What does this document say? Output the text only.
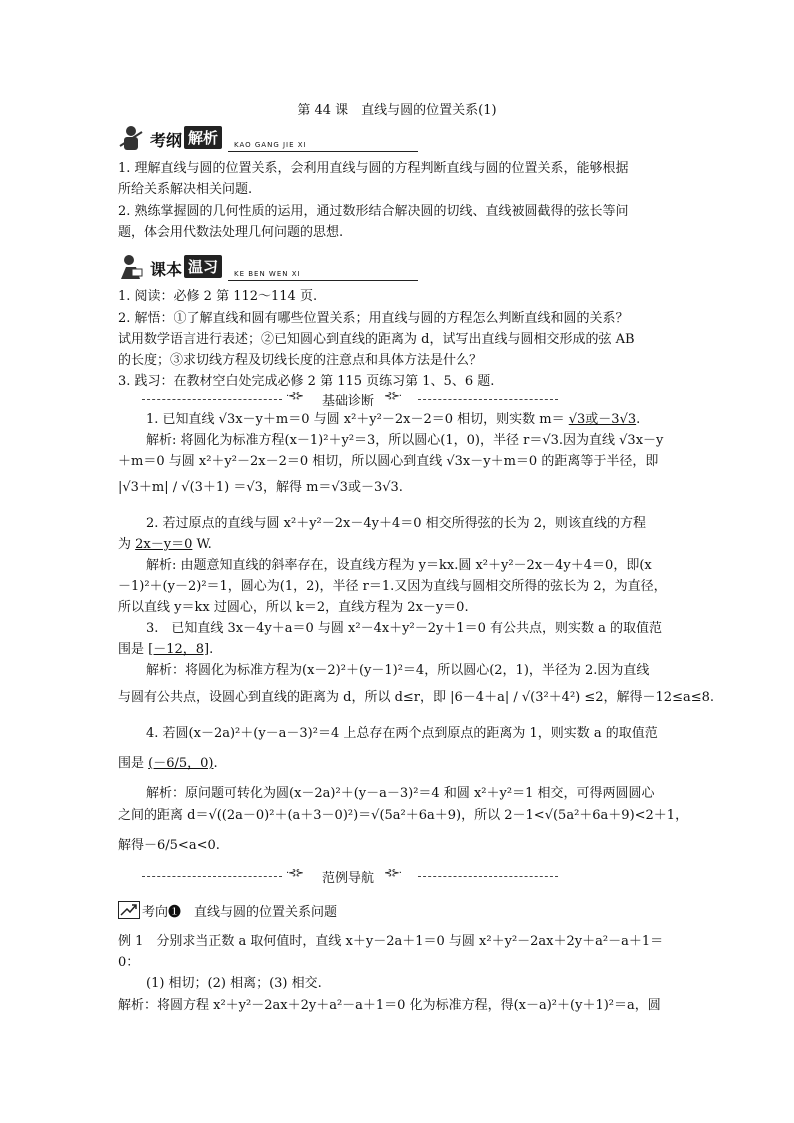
第 44 课　直线与圆的位置关系(1)
考纲 解析	KAO GANG JIE XI
1. 理解直线与圆的位置关系，会利用直线与圆的方程判断直线与圆的位置关系，能够根据
所给关系解决相关问题.
2. 熟练掌握圆的几何性质的运用，通过数形结合解决圆的切线、直线被圆截得的弦长等问
题，体会用代数法处理几何问题的思想.
课本 温习	KE BEN WEN XI
1. 阅读：必修 2 第 112～114 页.
2. 解悟：①了解直线和圆有哪些位置关系；用直线与圆的方程怎么判断直线和圆的关系？
试用数学语言进行表述；②已知圆心到直线的距离为 d，试写出直线与圆相交形成的弦 AB
的长度；③求切线方程及切线长度的注意点和具体方法是什么？
3. 践习：在教材空白处完成必修 2 第 115 页练习第 1、5、6 题.
·⊰⊱ 基础诊断 ⊰⊱·
1. 已知直线 √3x－y＋m＝0 与圆 x²＋y²－2x－2＝0 相切，则实数 m＝ √3或－3√3.
解析: 将圆化为标准方程(x－1)²＋y²＝3，所以圆心(1，0)，半径 r＝√3.因为直线 √3x－y
＋m＝0 与圆 x²＋y²－2x－2＝0 相切，所以圆心到直线 √3x－y＋m＝0 的距离等于半径，即
|√3＋m| / √(3＋1) ＝√3，解得 m＝√3或－3√3.
2. 若过原点的直线与圆 x²＋y²－2x－4y＋4＝0 相交所得弦的长为 2，则该直线的方程
为 2x－y＝0 W.
解析: 由题意知直线的斜率存在，设直线方程为 y＝kx.圆 x²＋y²－2x－4y＋4＝0，即(x
－1)²＋(y－2)²＝1，圆心为(1，2)，半径 r＝1.又因为直线与圆相交所得的弦长为 2，为直径，
所以直线 y＝kx 过圆心，所以 k＝2，直线方程为 2x－y＝0.
3.　已知直线 3x－4y＋a＝0 与圆 x²－4x＋y²－2y＋1＝0 有公共点，则实数 a 的取值范
围是 [－12，8].
解析：将圆化为标准方程为(x－2)²＋(y－1)²＝4，所以圆心(2，1)，半径为 2.因为直线
与圆有公共点，设圆心到直线的距离为 d，所以 d≤r，即 |6－4＋a| / √(3²＋4²) ≤2，解得－12≤a≤8.
4. 若圆(x－2a)²＋(y－a－3)²＝4 上总存在两个点到原点的距离为 1，则实数 a 的取值范
围是 (－6/5，0).
解析：原问题可转化为圆(x－2a)²＋(y－a－3)²＝4 和圆 x²＋y²＝1 相交，可得两圆圆心
之间的距离 d＝√((2a－0)²＋(a＋3－0)²)＝√(5a²＋6a＋9)，所以 2－1<√(5a²＋6a＋9)<2＋1，
解得－6/5<a<0.
·⊰⊱ 范例导航 ⊰⊱·
考向❶　直线与圆的位置关系问题
例 1　分别求当正数 a 取何值时，直线 x＋y－2a＋1＝0 与圆 x²＋y²－2ax＋2y＋a²－a＋1＝
0：
(1) 相切；(2) 相离；(3) 相交.
解析：将圆方程 x²＋y²－2ax＋2y＋a²－a＋1＝0 化为标准方程，得(x－a)²＋(y＋1)²＝a，圆
